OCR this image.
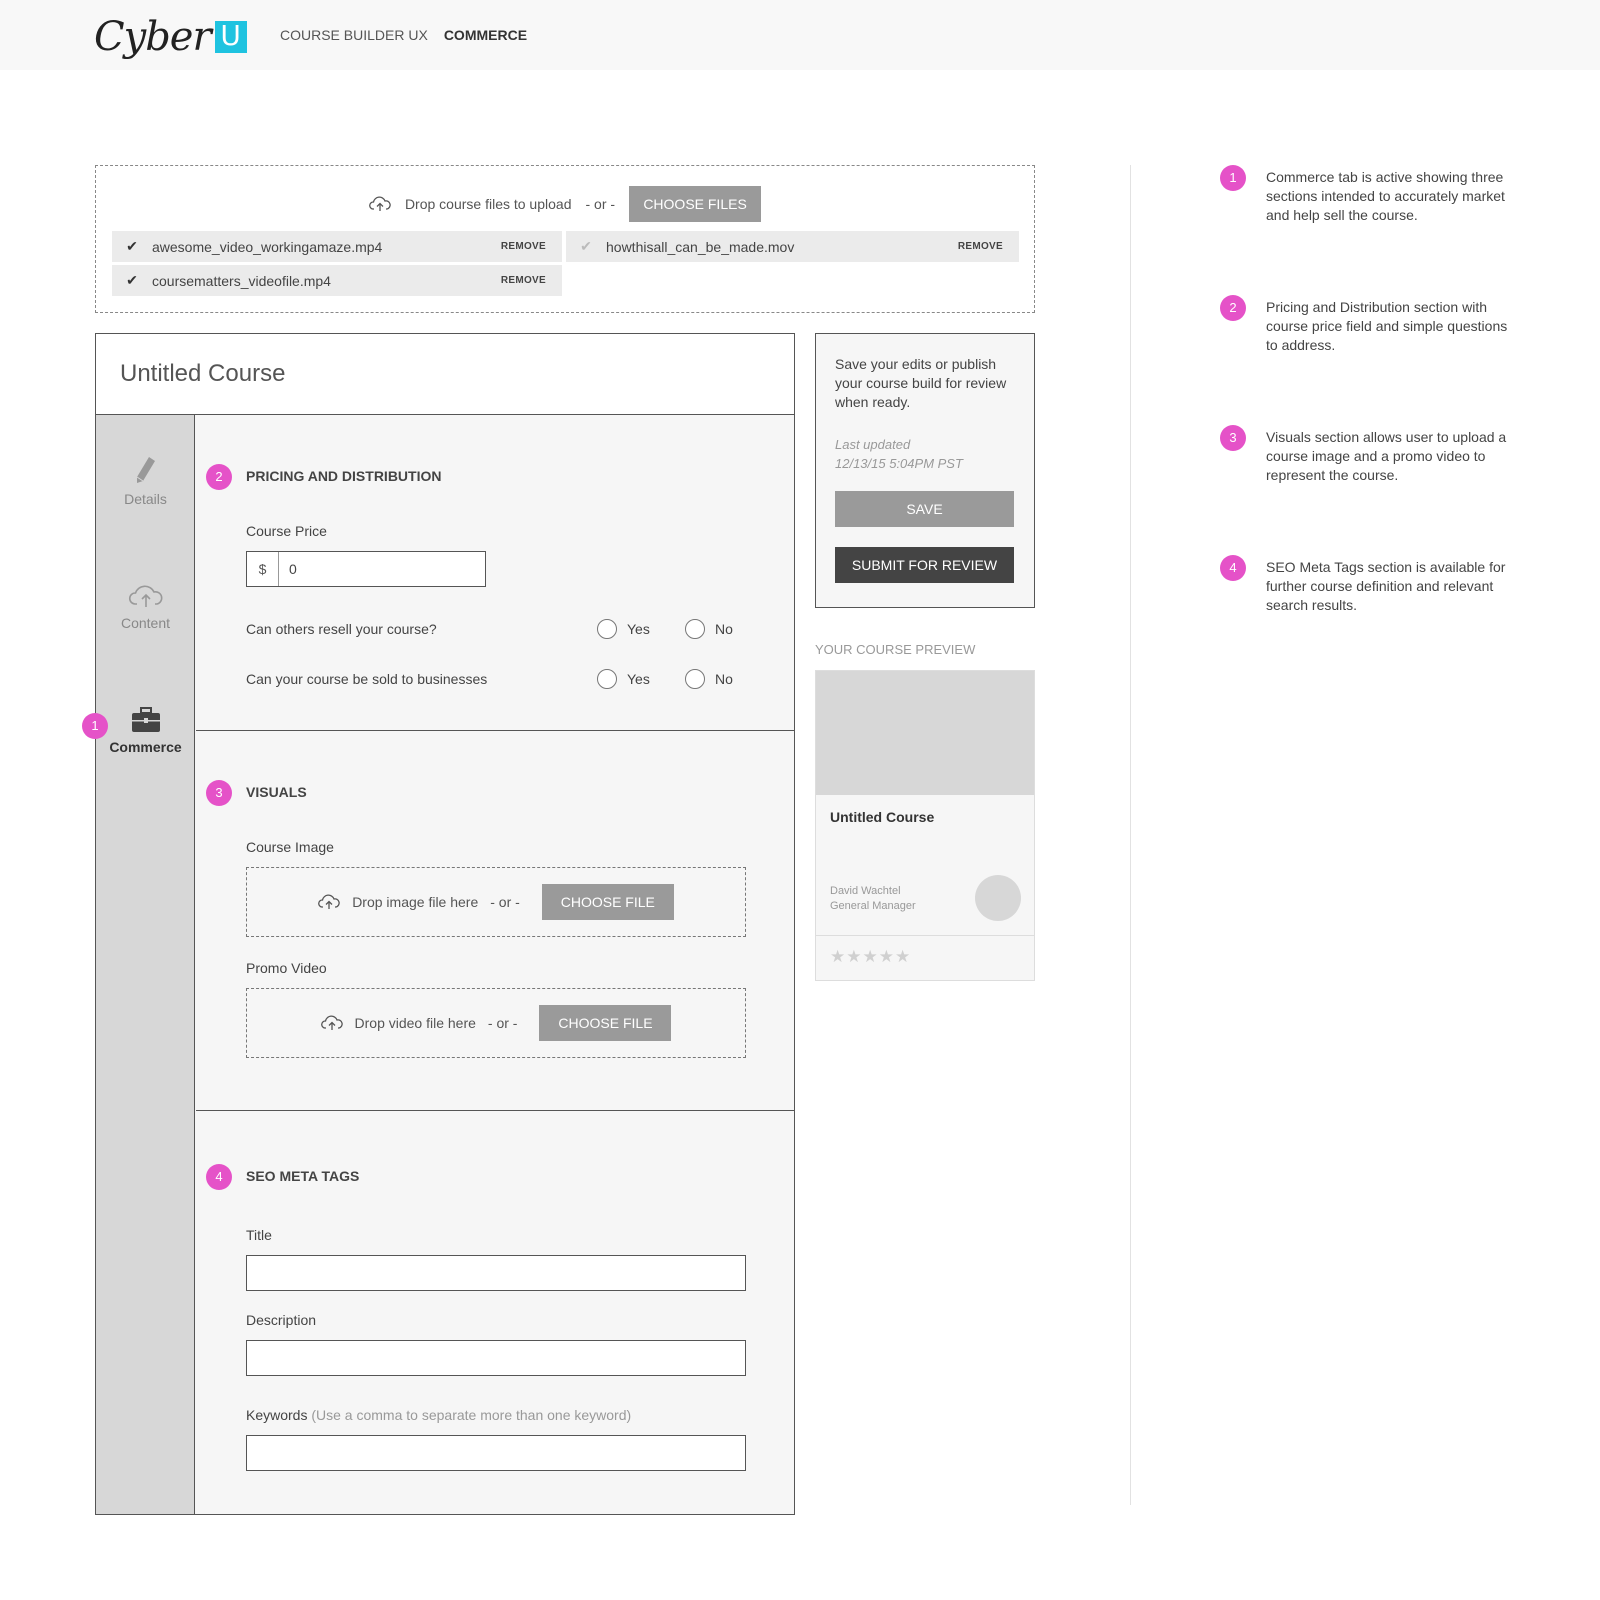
Cyber U	COURSE BUILDER UX COMMERCE
Drop course files to upload - or -	CHOOSE FILES
✔	awesome_video_workingamaze.mp4	REMOVE	✔	howthisall_can_be_made.mov	REMOVE
✔	coursematters_videofile.mp4	REMOVE
Untitled Course
Details
Content
Commerce
2	PRICING AND DISTRIBUTION
Course Price
$	0
Can others resell your course?	Yes	No
Can your course be sold to businesses	Yes	No
3	VISUALS
Course Image
Drop image file here - or -	CHOOSE FILE
Promo Video
Drop video file here - or -	CHOOSE FILE
4	SEO META TAGS
Title
Description
Keywords (Use a comma to separate more than one keyword)
1

Save your edits or publish your course build for review when ready.

Last updated
12/13/15 5:04PM PST
SAVE
SUBMIT FOR REVIEW
YOUR COURSE PREVIEW
Untitled Course
David Wachtel
General Manager
★★★★★
1	Commerce tab is active showing three sections intended to accurately market and help sell the course.

2	Pricing and Distribution section with course price field and simple questions to address.

3	Visuals section allows user to upload a course image and a promo video to represent the course.

4	SEO Meta Tags section is available for further course definition and relevant search results.
